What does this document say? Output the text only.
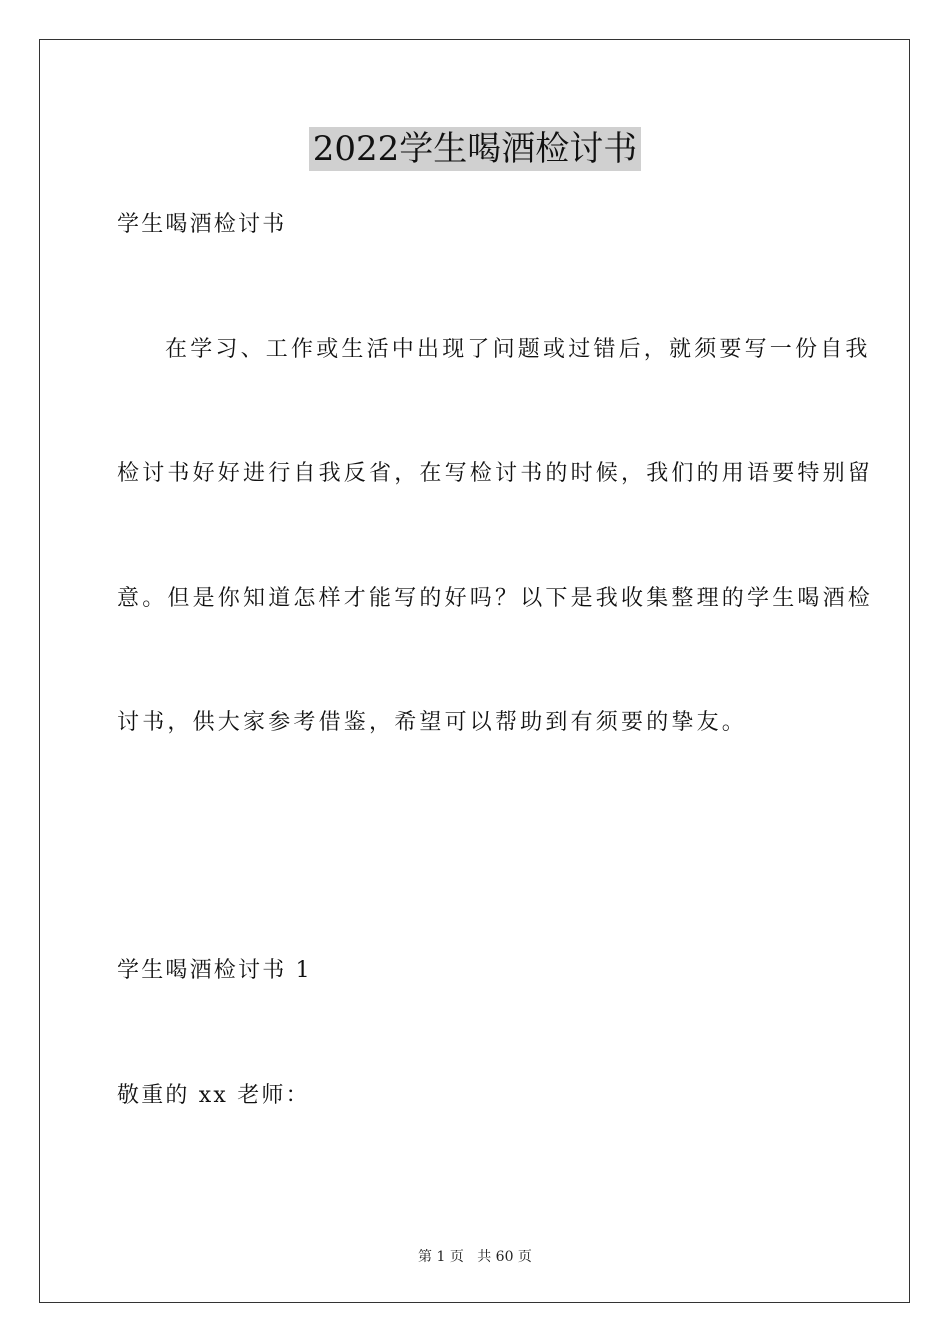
2022学生喝酒检讨书
学生喝酒检讨书
在学习、工作或生活中出现了问题或过错后，就须要写一份自我
检讨书好好进行自我反省，在写检讨书的时候，我们的用语要特别留
意。但是你知道怎样才能写的好吗？以下是我收集整理的学生喝酒检
讨书，供大家参考借鉴，希望可以帮助到有须要的挚友。
学生喝酒检讨书 1
敬重的 xx 老师：
第 1 页 共 60 页
